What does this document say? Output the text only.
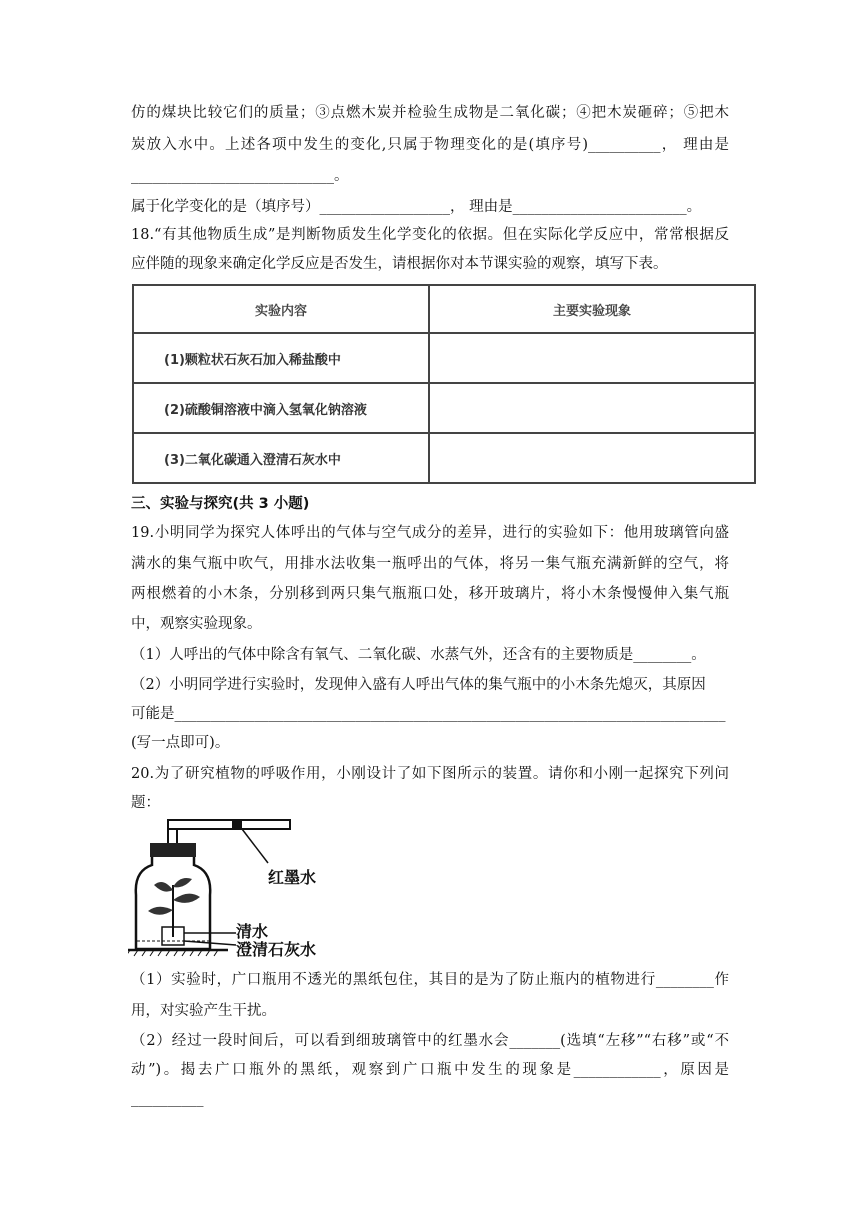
仿的煤块比较它们的质量；③点燃木炭并检验生成物是二氧化碳；④把木炭砸碎；⑤把木
炭放入水中。上述各项中发生的变化,只属于物理变化的是(填序号)__________， 理由是
____________________________。
属于化学变化的是（填序号）__________________， 理由是________________________。
18.“有其他物质生成”是判断物质发生化学变化的依据。但在实际化学反应中，常常根据反
应伴随的现象来确定化学反应是否发生，请根据你对本节课实验的观察，填写下表。
实验内容	主要实验现象
(1)颗粒状石灰石加入稀盐酸中	
(2)硫酸铜溶液中滴入氢氧化钠溶液	
(3)二氧化碳通入澄清石灰水中	
三、实验与探究(共 3 小题)
19.小明同学为探究人体呼出的气体与空气成分的差异，进行的实验如下：他用玻璃管向盛
满水的集气瓶中吹气，用排水法收集一瓶呼出的气体，将另一集气瓶充满新鲜的空气，将
两根燃着的小木条，分别移到两只集气瓶瓶口处，移开玻璃片，将小木条慢慢伸入集气瓶
中，观察实验现象。
（1）人呼出的气体中除含有氧气、二氧化碳、水蒸气外，还含有的主要物质是________。
（2）小明同学进行实验时，发现伸入盛有人呼出气体的集气瓶中的小木条先熄灭，其原因
可能是____________________________________________________________________________
(写一点即可)。
20.为了研究植物的呼吸作用，小刚设计了如下图所示的装置。请你和小刚一起探究下列问
题：
红墨水
清水
澄清石灰水
（1）实验时，广口瓶用不透光的黑纸包住，其目的是为了防止瓶内的植物进行________作
用，对实验产生干扰。
（2）经过一段时间后，可以看到细玻璃管中的红墨水会_______(选填“左移”“右移”或“不
动”)。揭去广口瓶外的黑纸，观察到广口瓶中发生的现象是____________，原因是
__________
